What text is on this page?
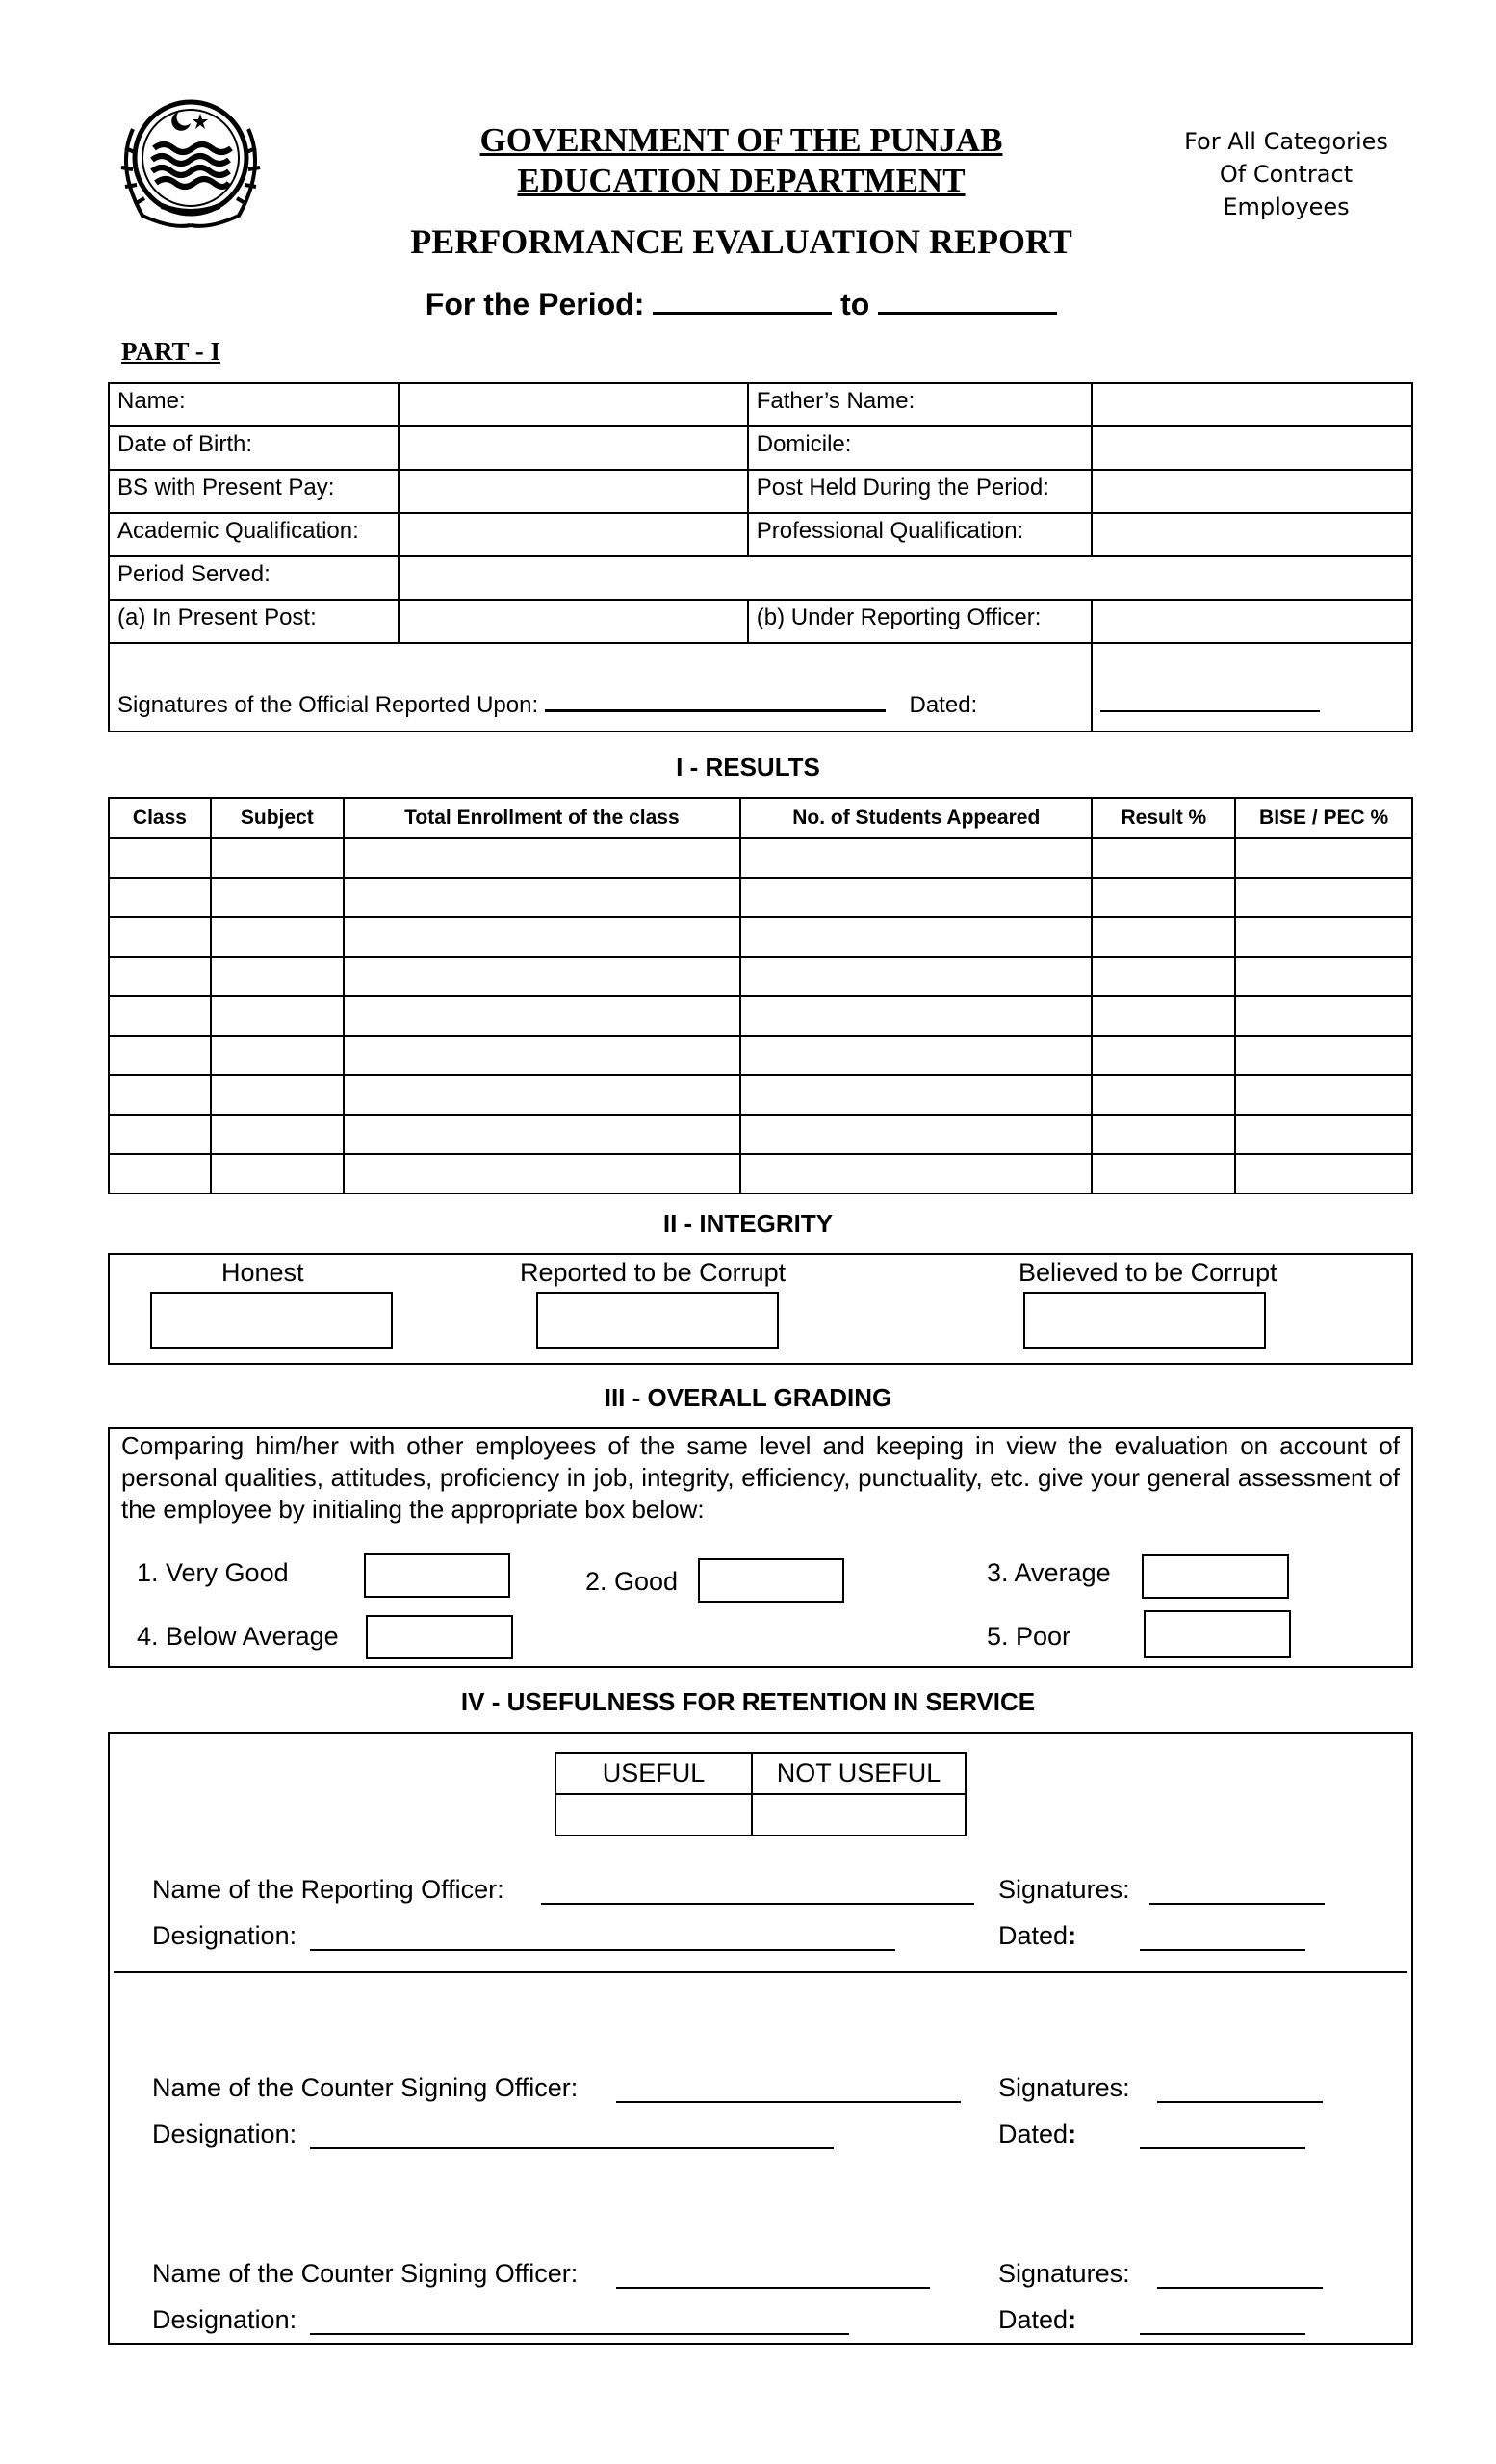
GOVERNMENT OF THE PUNJAB
EDUCATION DEPARTMENT
PERFORMANCE EVALUATION REPORT
For the Period:	to
For All Categories
Of Contract
Employees
PART - I
Name:		Father’s Name:	
Date of Birth:		Domicile:	
BS with Present Pay:		Post Held During the Period:	
Academic Qualification:		Professional Qualification:	
Period Served:			
(a) In Present Post:		(b) Under Reporting Officer:	
Signatures of the Official Reported Upon: Dated:			
I - RESULTS
Class	Subject	Total Enrollment of the class	No. of Students Appeared	Result %	BISE / PEC %

II - INTEGRITY
Honest	Reported to be Corrupt	Believed to be Corrupt
III - OVERALL GRADING
Comparing him/her with other employees of the same level and keeping in view the evaluation on account of personal qualities, attitudes, proficiency in job, integrity, efficiency, punctuality, etc. give your general assessment of the employee by initialing the appropriate box below:
1. Very Good	2. Good	3. Average
4. Below Average	5. Poor
IV - USEFULNESS FOR RETENTION IN SERVICE
USEFUL	NOT USEFUL

Name of the Reporting Officer:	Signatures:
Designation:	Dated:
Name of the Counter Signing Officer:	Signatures:
Designation:	Dated:
Name of the Counter Signing Officer:	Signatures:
Designation:	Dated:
